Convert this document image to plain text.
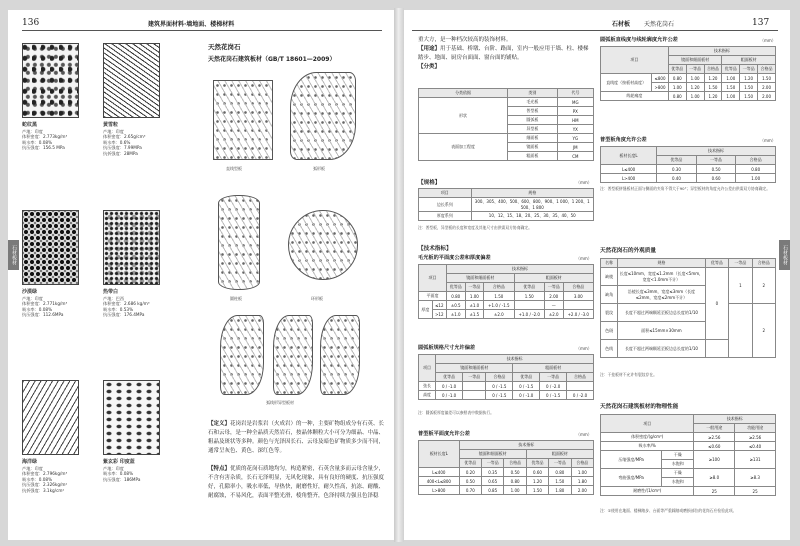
136	建筑界面材料·墙地面、楼梯材料
石材板材
蛇纹黑
产地：印度
体积密度：2.773kg/m³
吸水率：0.08%
抗压强度：156.5 MPa
黄雪粒
产地：印度
体积密度：2.65g/cm³
吸水率：0.6%
抗压强度：7.99MPa
抗折强度：28MPa
沙漠绿
产地：印度
体积密度：2.771kg/m³
吸水率：0.08%
抗压强度：112.6MPa
热带白
产地：巴西
体积密度：2.686 kg/m³
吸水率：0.53%
抗压强度：176.4MPa
海洋绿
产地：印度
体积密度：2.796kg/m³
吸水率：0.08%
抗压强度：2.326kg/m²
抗折强度：3.1kg/cm²
紫玄彩 印度蓝
产地：印度
吸水率：0.08%
抗压强度：186MPa
天然花岗石
天然花岗石建筑板材（GB/T 18601—2009）
直线型板	弧形板
圆柱板	环形板
弧线形异型板材
【定义】花岗岩是岩浆岩（火成岩）的一种，主要矿物组成分有石英、长石和云母，是一种全晶质天然岩石，按晶体颗粒大小可分为细晶、中晶、粗晶及斑状等多种。颜色与光泽因长石、云母及暗色矿物质多少而不同，通常呈灰色、黄色、深红色等。
【特点】优质的花岗石质地均匀，构造紧密，石英含量多而云母含量少，不含有害杂质，长石无泽明显，无风化现象，具有良好的硬度、抗压强度好，孔隙率小，吸水率低，导热快，耐磨性好，耐久性高，抗冻、耐酸、耐腐蚀，不易风化，表面平整光滑，棱角整齐，色泽持续力强且色泽稳
石材板 天然花岗石	137
石材板材
重大方，是一种档次较高的装饰材料。
【用途】用于基础、桥墩、台阶、路面，室内一般应用于墙、柱、楼梯踏步、地面、厨房台面面、窗台面的铺贴。
【分类】
分类依据	类别	代号
形状	毛光板	MG
	普型板	PX
	圆弧板	HM
	异型板	YX
表面加工程度	细面板	YG
	镜面板	JM
	粗面板	CM
【规格】	（mm）
项目	规格
边长系列	300、305、400、500、600、800、900、1 000、1 200、1 500、1 800
厚度系列	10、12、15、18、20、25、30、35、40、50
注：普型板，异型板的长度和宽度及其他尺寸由供需双方协商确定。
【技术指标】
毛光板的平面度公差和厚度偏差	（mm）
项目		技术指标					
		镜面和细面板材			粗面板材		
		优等品	一等品	合格品	优等品	一等品	合格品
平面度		0.80	1.00	1.50	1.50	2.00	3.00
厚度	≤12	±0.5	±1.0	+1.0 / -1.5		—	
	>12	±1.0	±1.5	±2.0	+1.0 / -2.0	±2.0	+2.0 / -3.0
圆弧板规格尺寸允许偏差	（mm）
项目	技术指标					
	镜面和细面板材			粗面板材		
	优等品	一等品	合格品	优等品	一等品	合格品
弦长	0 / -1.0		0 / -1.5	0 / -1.5	0 / -2.0	
高度	0 / -1.0		0 / -1.5	0 / -1.0	0 / -1.5	0 / -2.0
注：圆弧板厚度偏差可以参照表中数据执行。
普型板平面度允许公差	（mm）
板材长度L	技术指标					
	镜面和细面板材			粗面板材		
	优等品	一等品	合格品	优等品	一等品	合格品
L≤400	0.20	0.35	0.50	0.60	0.80	1.00
400<L≤800	0.50	0.65	0.80	1.20	1.50	1.80
L>800	0.70	0.85	1.00	1.50	1.80	2.00
圆弧板直线度与线轮廓度允许公差	（mm）
项目		技术指标					
		镜面和细面板材			粗面板材		
		优等品	一等品	合格品	优等品	一等品	合格品
直线度（按板材高度）	≤800	0.80	1.00	1.20	1.00	1.20	1.50
	>800	1.00	1.20	1.50	1.50	1.50	2.00
线轮廓度		0.80	1.00	1.20	1.00	1.50	2.00
普型板角度允许公差	（mm）
板材长度L	技术指标		
	优等品	一等品	合格品
L≤400	0.30	0.50	0.80
L>400	0.40	0.60	1.00
注：普型板拼缝板材正面与侧面的夹角不得大于90°；异型板材的角度允许公差由供需双方协商确定。
天然花岗石的外观质量
名称	规格	优等品	一等品	合格品
缺棱	长度≤10mm，宽度≤1.2mm（长度<5mm，宽度<1.0mm不计）	0	1	2
缺角	沿棱长度≤3mm，宽度≤3mm（长度≤2mm，宽度≤2mm不计）			
裂纹	长度不超过两端顺延至板边总长度的1/10			2
色斑	面积≤15mm×30mm			
色线	长度不超过两端顺延至板边总长度的1/10			
注：干挂板材不允许有裂纹存在。
天然花岗石建筑板材的物理性能
项目		技术指标	
		一般用途	功能用途
体积密度/(g/cm³)		≥2.56	≥2.56
吸水率/%		≤0.60	≤0.40
压缩强度/MPa	干燥	≥100	≥131
	水饱和		
弯曲强度/MPa	干燥	≥8.0	≥8.3
	水饱和		
耐磨性/(1/cm³)		25	25
注：①使用在地面、楼梯踏步、台面等严重踩踏或磨损部位的花岗石应检验此项。
